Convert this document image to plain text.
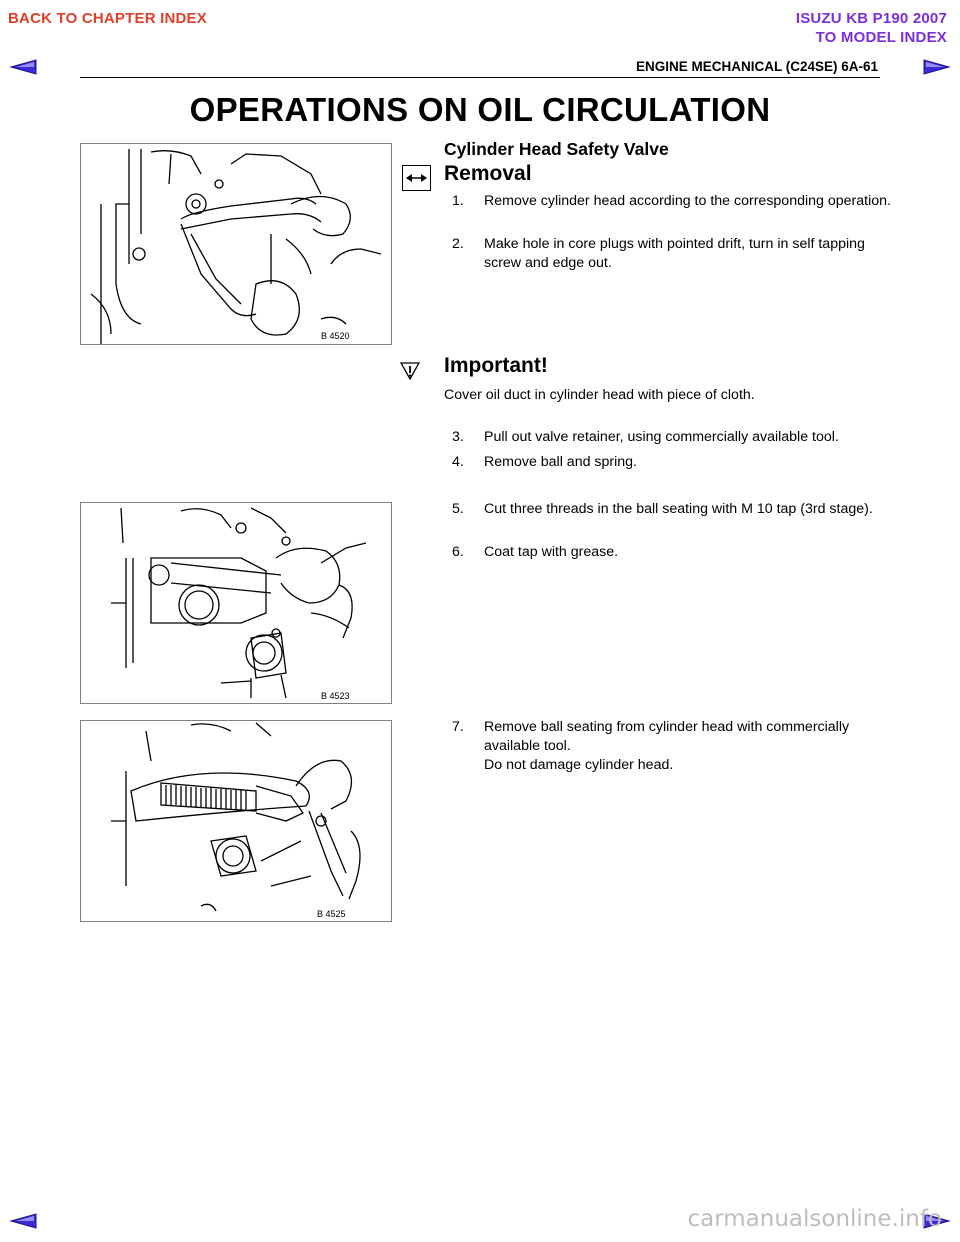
BACK TO CHAPTER INDEX	ISUZU KB P190 2007
TO MODEL INDEX
ENGINE MECHANICAL (C24SE) 6A-61
OPERATIONS ON OIL CIRCULATION
B 4520
Cylinder Head Safety Valve
Removal
1.	Remove cylinder head according to the corresponding operation.
2.	Make hole in core plugs with pointed drift, turn in self tapping screw and edge out.
Important!
Cover oil duct in cylinder head with piece of cloth.
3.	Pull out valve retainer, using commercially available tool.
4.	Remove ball and spring.
B 4523
5.	Cut three threads in the ball seating with M 10 tap (3rd stage).
6.	Coat tap with grease.
B 4525
7.	Remove ball seating from cylinder head with commercially available tool.
Do not damage cylinder head.
carmanualsonline.info
